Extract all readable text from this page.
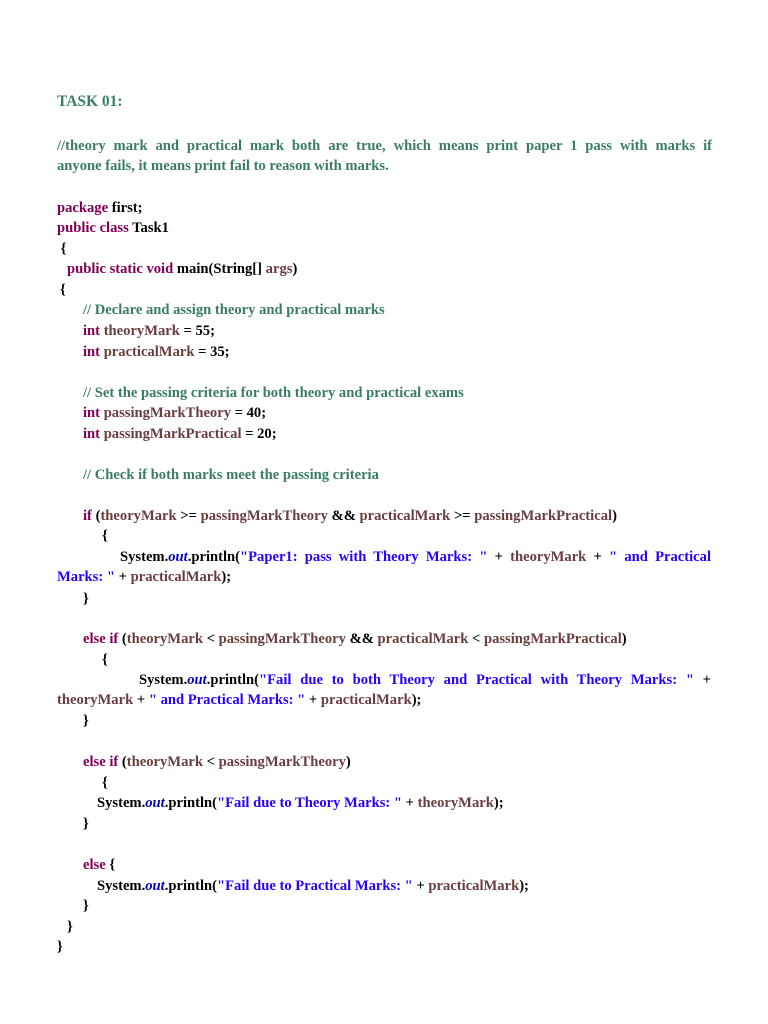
TASK 01:
//theory mark and practical mark both are true, which means print paper 1 pass with marks if
anyone fails, it means print fail to reason with marks.
package first;
public class Task1
{
public static void main(String[] args)
{
// Declare and assign theory and practical marks
int theoryMark = 55;
int practicalMark = 35;
// Set the passing criteria for both theory and practical exams
int passingMarkTheory = 40;
int passingMarkPractical = 20;
// Check if both marks meet the passing criteria
if (theoryMark >= passingMarkTheory && practicalMark >= passingMarkPractical)
{
System.out.println("Paper1: pass with Theory Marks: " + theoryMark + " and Practical
Marks: " + practicalMark);
}
else if (theoryMark < passingMarkTheory && practicalMark < passingMarkPractical)
{
System.out.println("Fail due to both Theory and Practical with Theory Marks: " +
theoryMark + " and Practical Marks: " + practicalMark);
}
else if (theoryMark < passingMarkTheory)
{
System.out.println("Fail due to Theory Marks: " + theoryMark);
}
else {
System.out.println("Fail due to Practical Marks: " + practicalMark);
}
}
}
